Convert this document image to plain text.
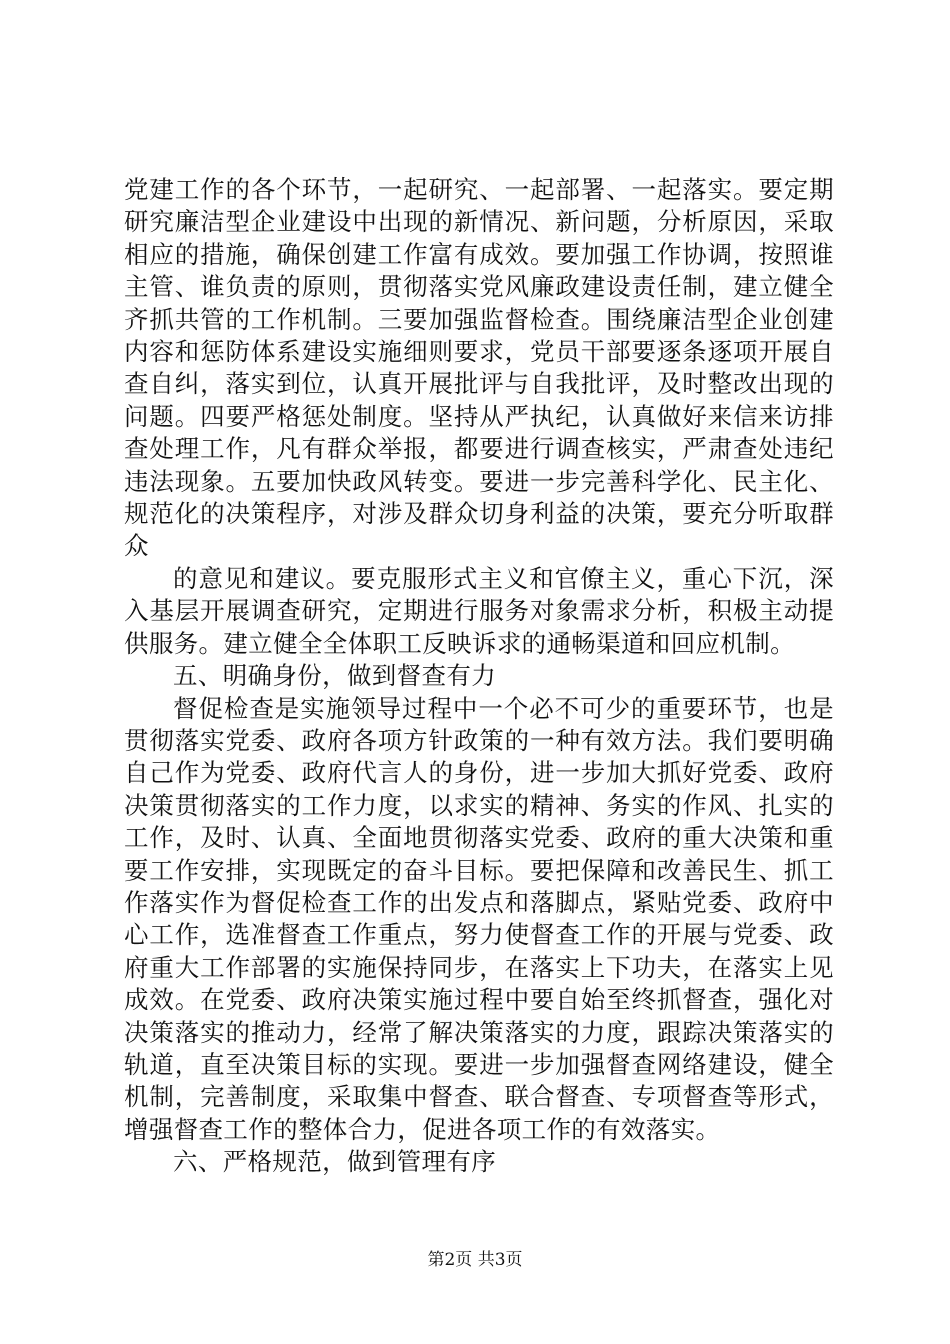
党建工作的各个环节，一起研究、一起部署、一起落实。要定期研究廉洁型企业建设中出现的新情况、新问题，分析原因，采取相应的措施，确保创建工作富有成效。要加强工作协调，按照谁主管、谁负责的原则，贯彻落实党风廉政建设责任制，建立健全齐抓共管的工作机制。三要加强监督检查。围绕廉洁型企业创建内容和惩防体系建设实施细则要求，党员干部要逐条逐项开展自查自纠，落实到位，认真开展批评与自我批评，及时整改出现的问题。四要严格惩处制度。坚持从严执纪，认真做好来信来访排查处理工作，凡有群众举报，都要进行调查核实，严肃查处违纪违法现象。五要加快政风转变。要进一步完善科学化、民主化、规范化的决策程序，对涉及群众切身利益的决策，要充分听取群众

的意见和建议。要克服形式主义和官僚主义，重心下沉，深入基层开展调查研究，定期进行服务对象需求分析，积极主动提供服务。建立健全全体职工反映诉求的通畅渠道和回应机制。

五、明确身份，做到督查有力

督促检查是实施领导过程中一个必不可少的重要环节，也是贯彻落实党委、政府各项方针政策的一种有效方法。我们要明确自己作为党委、政府代言人的身份，进一步加大抓好党委、政府决策贯彻落实的工作力度，以求实的精神、务实的作风、扎实的工作，及时、认真、全面地贯彻落实党委、政府的重大决策和重要工作安排，实现既定的奋斗目标。要把保障和改善民生、抓工作落实作为督促检查工作的出发点和落脚点，紧贴党委、政府中心工作，选准督查工作重点，努力使督查工作的开展与党委、政府重大工作部署的实施保持同步，在落实上下功夫，在落实上见成效。在党委、政府决策实施过程中要自始至终抓督查，强化对决策落实的推动力，经常了解决策落实的力度，跟踪决策落实的轨道，直至决策目标的实现。要进一步加强督查网络建设，健全机制，完善制度，采取集中督查、联合督查、专项督查等形式，增强督查工作的整体合力，促进各项工作的有效落实。

六、严格规范，做到管理有序

第2页 共3页
